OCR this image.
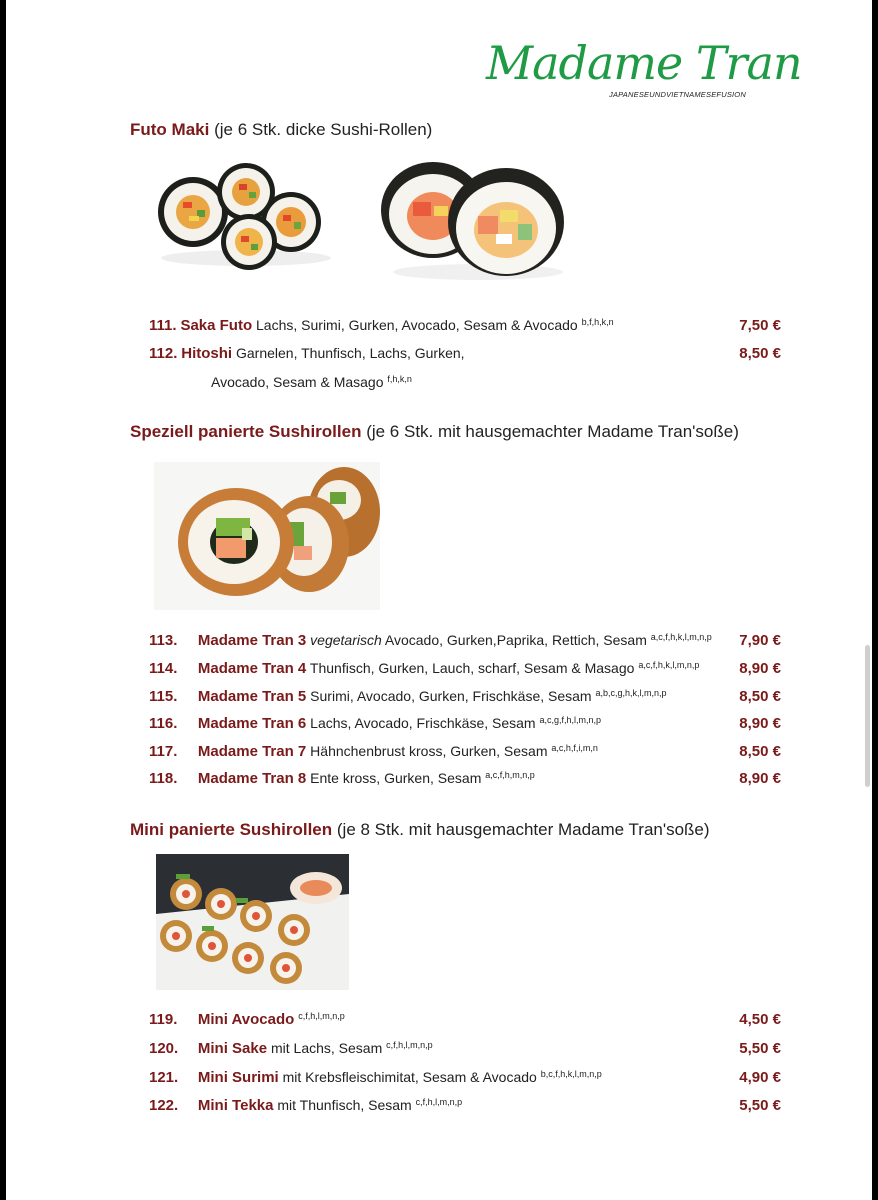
Madame Tran
JAPANESEUNDVIETNAMESEFUSION
Futo Maki (je 6 Stk. dicke Sushi-Rollen)
111. Saka Futo Lachs, Surimi, Gurken, Avocado, Sesam & Avocado $^{b,f,h,k,n}$	7,50 €
112. Hitoshi Garnelen, Thunfisch, Lachs, Gurken,	8,50 €
Avocado, Sesam & Masago $^{f,h,k,n}$
Speziell panierte Sushirollen (je 6 Stk. mit hausgemachter Madame Tran'soße)
113. Madame Tran 3 vegetarisch Avocado, Gurken,Paprika, Rettich, Sesam $^{a,c,f,h,k,l,m,n,p}$ 7,90 €
114. Madame Tran 4 Thunfisch, Gurken, Lauch, scharf, Sesam & Masago $^{a,c,f,h,k,l,m,n,p}$	8,90 €
115. Madame Tran 5 Surimi, Avocado, Gurken, Frischkäse, Sesam $^{a,b,c,g,h,k,l,m,n,p}$	8,50 €
116. Madame Tran 6 Lachs, Avocado, Frischkäse, Sesam $^{a,c,g,f,h,l,m,n,p}$	8,90 €
117. Madame Tran 7 Hähnchenbrust kross, Gurken, Sesam $^{a,c,h,f,i,m,n}$	8,50 €
118. Madame Tran 8 Ente kross, Gurken, Sesam $^{a,c,f,h,m,n,p}$	8,90 €
Mini panierte Sushirollen (je 8 Stk. mit hausgemachter Madame Tran'soße)
119. Mini Avocado $^{c,f,h,l,m,n,p}$	4,50 €
120. Mini Sake mit Lachs, Sesam $^{c,f,h,l,m,n,p}$	5,50 €
121. Mini Surimi mit Krebsfleischimitat, Sesam & Avocado $^{b,c,f,h,k,l,m,n,p}$	4,90 €
122. Mini Tekka mit Thunfisch, Sesam $^{c,f,h,l,m,n,p}$	5,50 €
